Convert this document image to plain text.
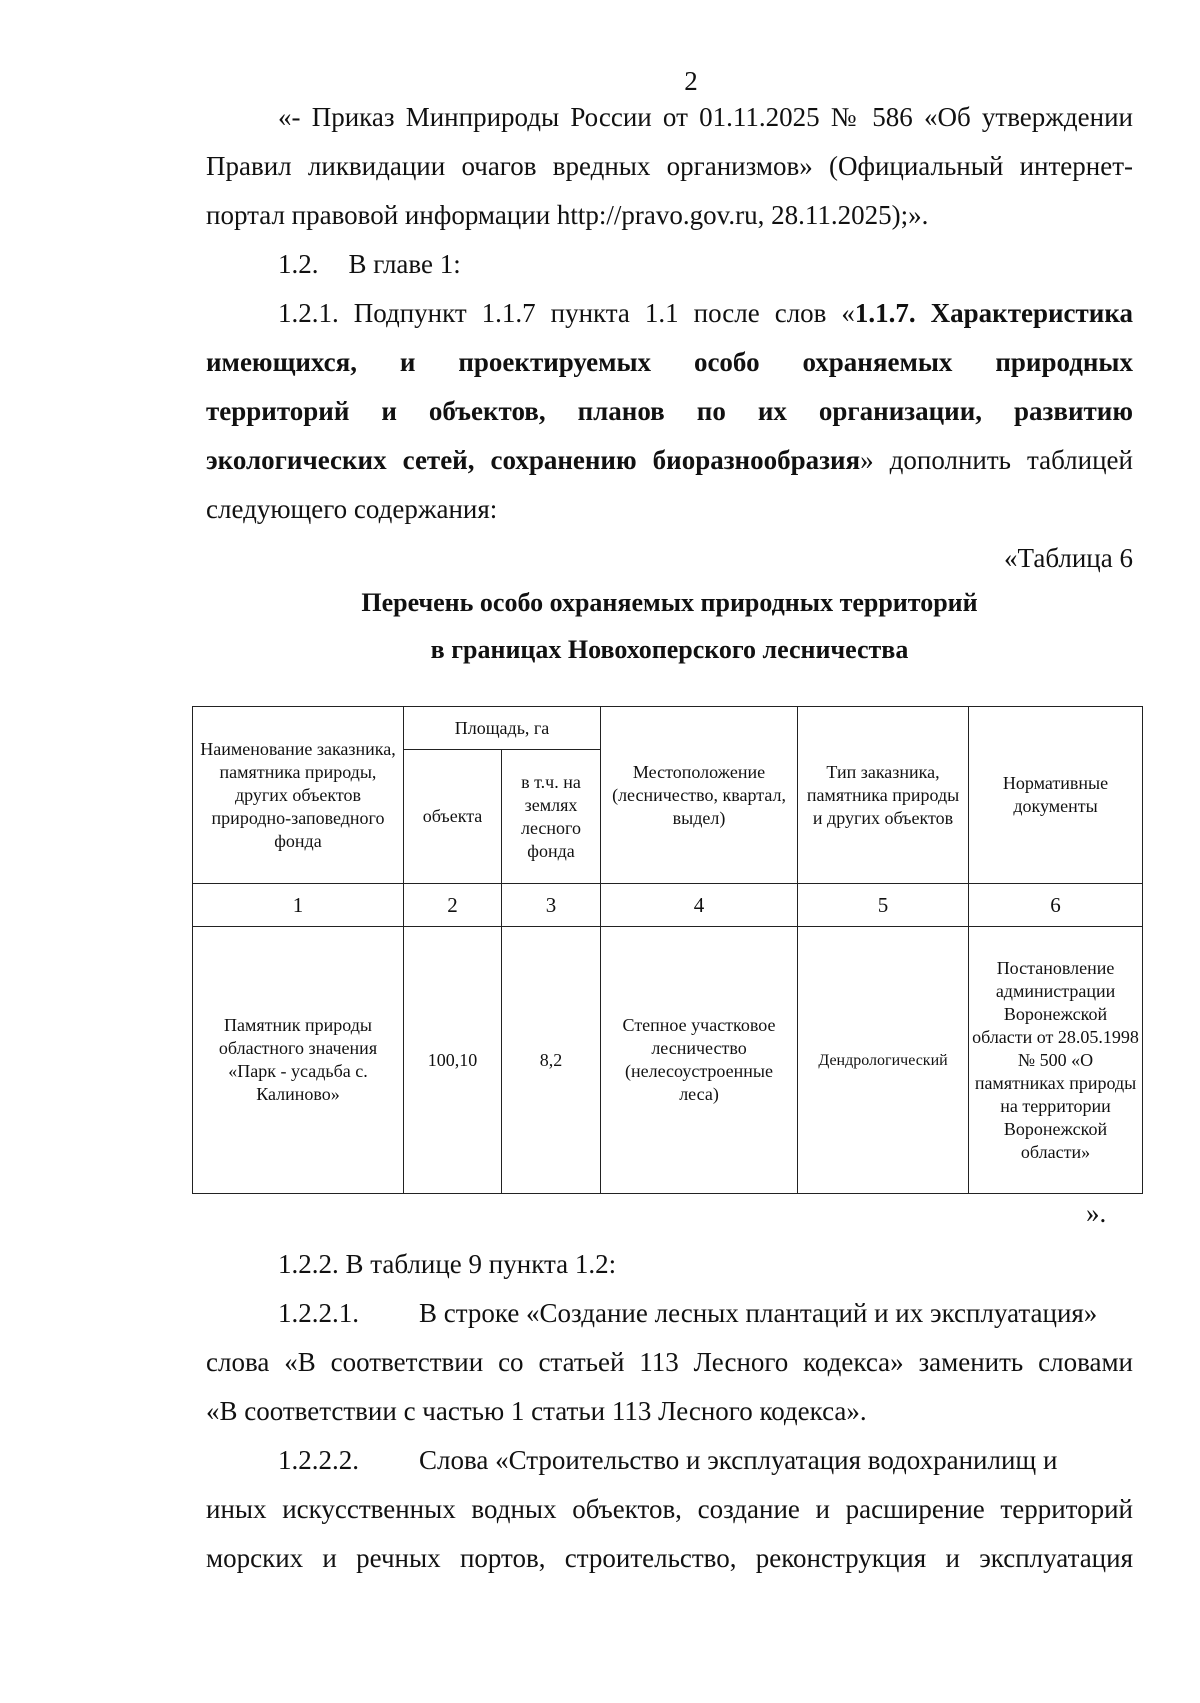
2
«- Приказ Минприроды России от 01.11.2025 № 586 «Об утверждении
Правил ликвидации очагов вредных организмов» (Официальный интернет-
портал правовой информации http://pravo.gov.ru, 28.11.2025);».
1.2. В главе 1:
1.2.1. Подпункт 1.1.7 пункта 1.1 после слов «1.1.7. Характеристика
имеющихся, и проектируемых особо охраняемых природных
территорий и объектов, планов по их организации, развитию
экологических сетей, сохранению биоразнообразия» дополнить таблицей
следующего содержания:
«Таблица 6
Перечень особо охраняемых природных территорий
в границах Новохоперского лесничества
Наименование заказника, памятника природы, других объектов природно-заповедного фонда	Площадь, га		Местоположение (лесничество, квартал, выдел)	Тип заказника, памятника природы и других объектов	Нормативные документы
	объекта	в т.ч. на землях лесного фонда			
1	2	3	4	5	6
Памятник природы областного значения «Парк - усадьба с. Калиново»	100,10	8,2	Степное участковое лесничество (нелесоустроенные леса)	Дендрологический	Постановление администрации Воронежской области от 28.05.1998 № 500 «О памятниках природы на территории Воронежской области»
».
1.2.2. В таблице 9 пункта 1.2:
1.2.2.1. В строке «Создание лесных плантаций и их эксплуатация»
слова «В соответствии со статьей 113 Лесного кодекса» заменить словами
«В соответствии с частью 1 статьи 113 Лесного кодекса».
1.2.2.2. Слова «Строительство и эксплуатация водохранилищ и
иных искусственных водных объектов, создание и расширение территорий
морских и речных портов, строительство, реконструкция и эксплуатация
